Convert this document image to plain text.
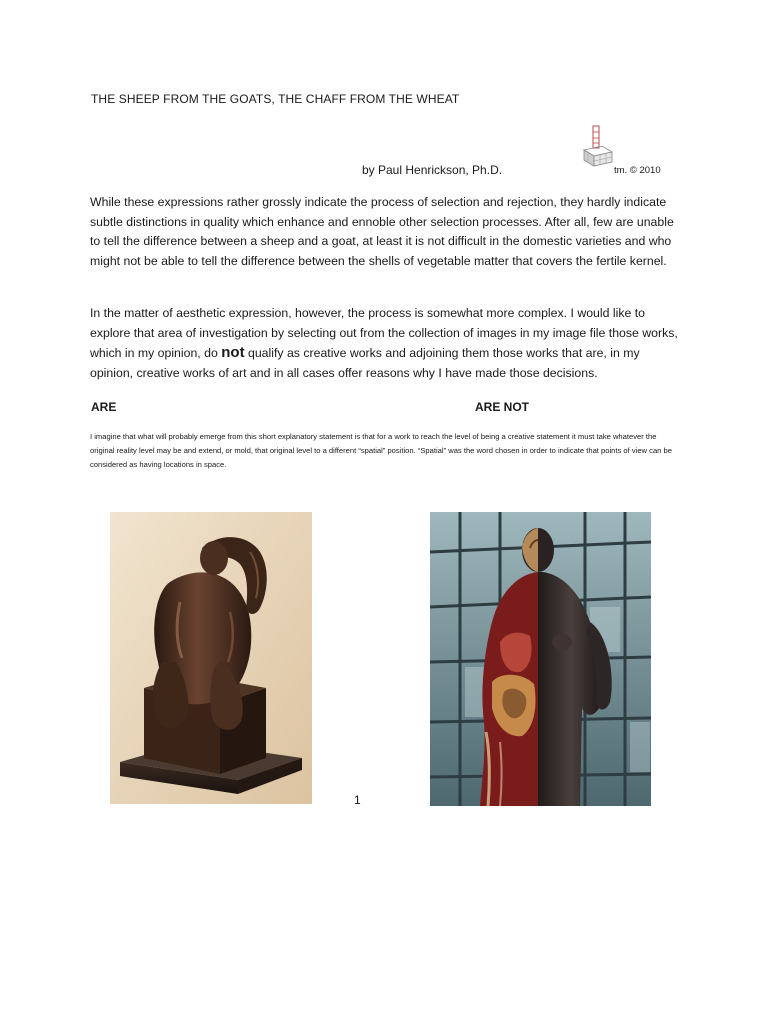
THE SHEEP FROM THE GOATS, THE CHAFF FROM THE WHEAT
by Paul Henrickson, Ph.D.	tm. © 2010
While these expressions rather grossly indicate the process of selection and rejection, they hardly indicate subtle distinctions in quality which enhance and ennoble other selection processes. After all, few are unable to tell the difference between a sheep and a goat, at least it is not difficult in the domestic varieties and who might not be able to tell the difference between the shells of vegetable matter that covers the fertile kernel.
In the matter of aesthetic expression, however, the process is somewhat more complex. I would like to explore that area of investigation by selecting out from the collection of images in my image file those works, which in my opinion, do not qualify as creative works and adjoining them those works that are, in my opinion, creative works of art and in all cases offer reasons why I have made those decisions.
ARE	ARE NOT
I imagine that what will probably emerge from this short explanatory statement is that for a work to reach the level of being a creative statement it must take whatever the original reality level may be and extend, or mold, that original level to a different “spatial” position. “Spatial” was the word chosen in order to indicate that points of view can be considered as having locations in space.
1
